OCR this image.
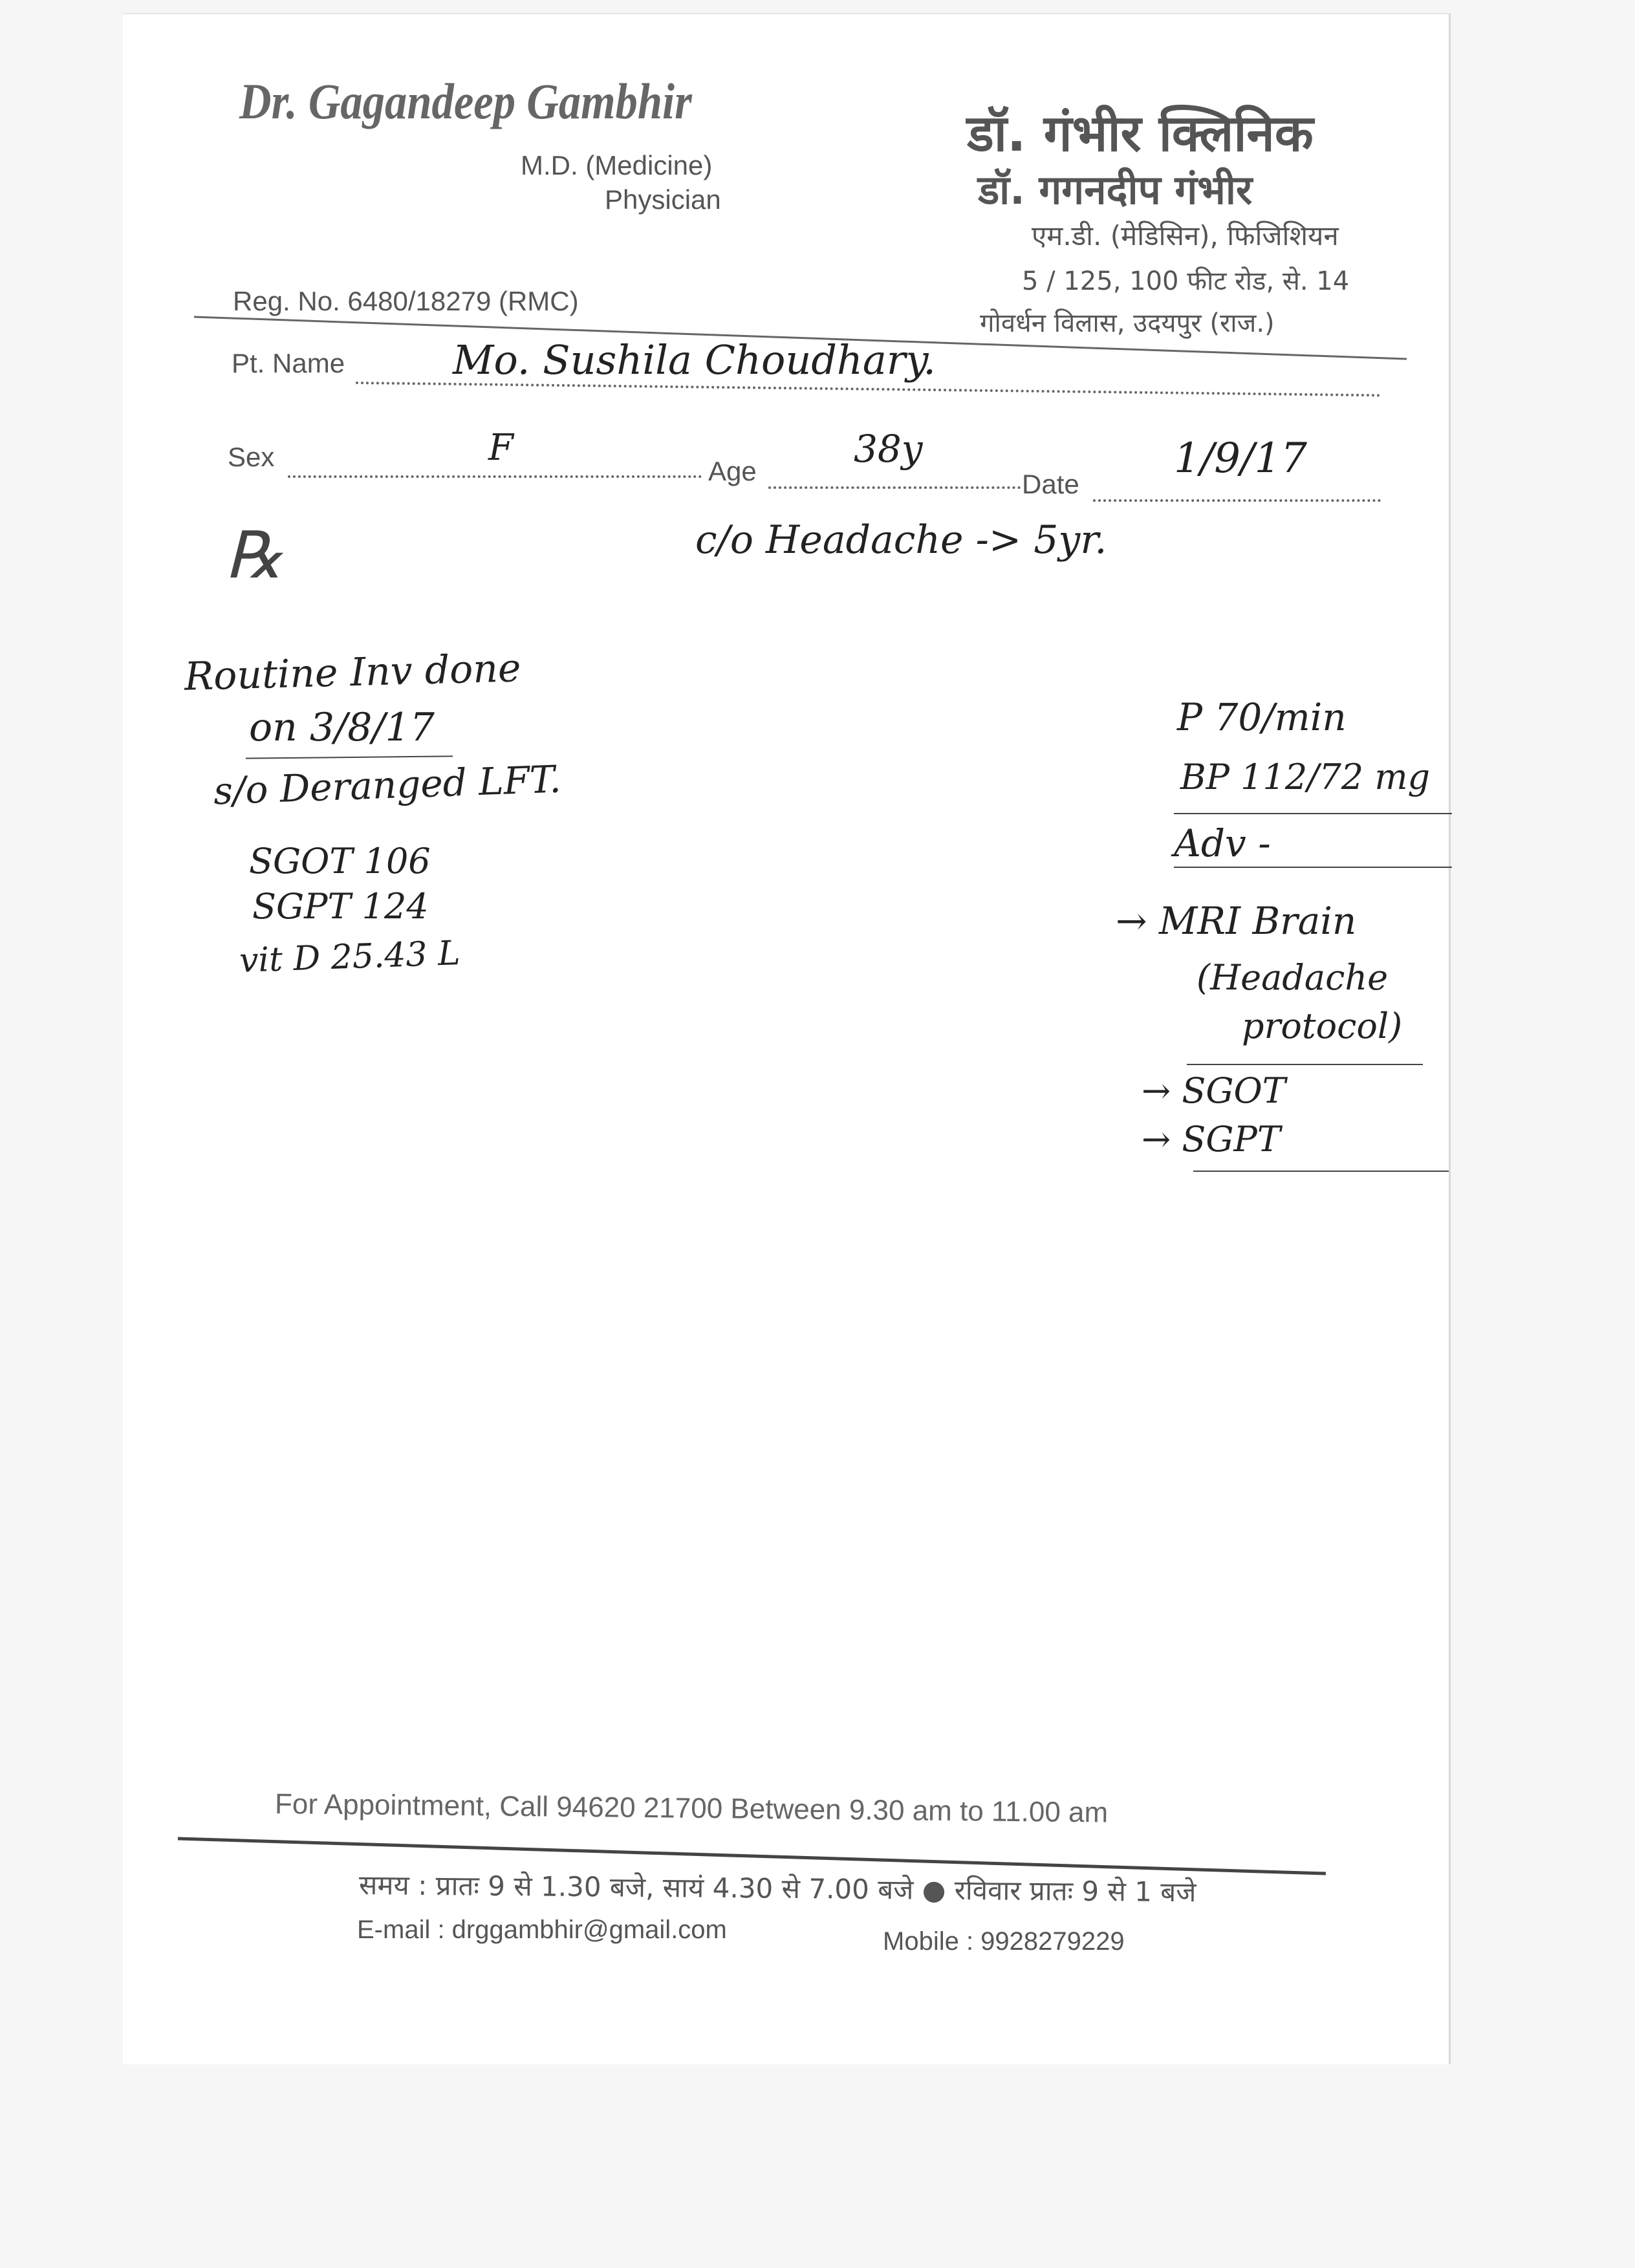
Dr. Gagandeep Gambhir
M.D. (Medicine)
Physician
Reg. No. 6480/18279 (RMC)
डॉ. गंभीर क्लिनिक
डॉ. गगनदीप गंभीर
एम.डी. (मेडिसिन), फिजिशियन
5 / 125, 100 फीट रोड, से. 14
गोवर्धन विलास, उदयपुर (राज.)
Pt. Name	Mo. Sushila Choudhary.
Sex	F
Age
38y
Date
1/9/17
℞	c/o Headache -> 5yr.
Routine Inv done
on 3/8/17
s/o Deranged LFT.
SGOT 106
SGPT 124
vit D 25.43 L
P 70/min
BP 112/72 mg
Adv -
→ MRI Brain
(Headache
protocol)
→ SGOT
→ SGPT
For Appointment, Call 94620 21700 Between 9.30 am to 11.00 am
समय : प्रातः 9 से 1.30 बजे, सायं 4.30 से 7.00 बजे ● रविवार प्रातः 9 से 1 बजे
E-mail : drggambhir@gmail.com	Mobile : 9928279229
